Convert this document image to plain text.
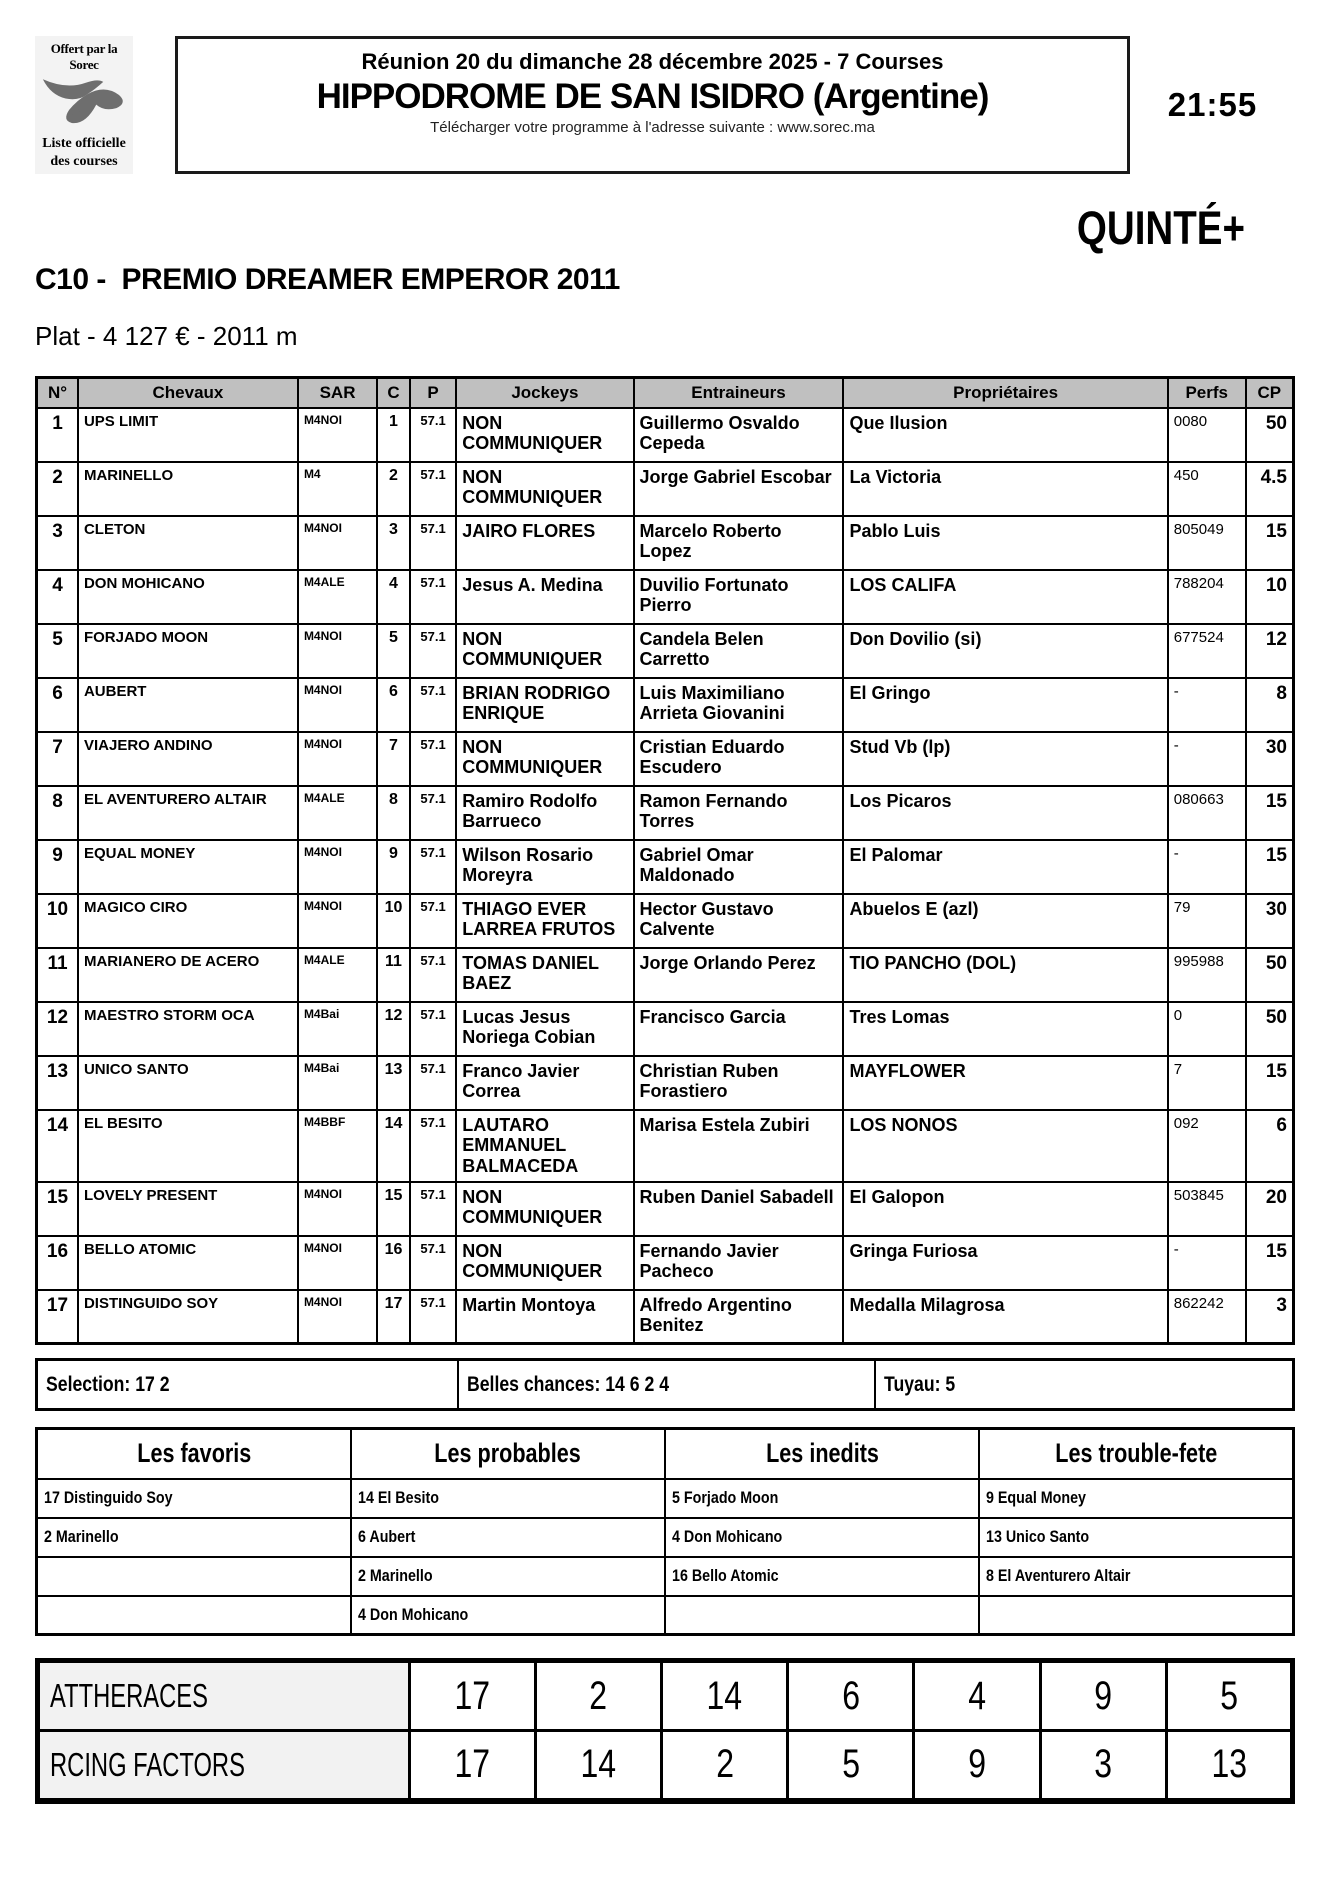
Offert par la Sorec
Liste officielle
des courses
Réunion 20 du dimanche 28 décembre 2025 - 7 Courses
HIPPODROME DE SAN ISIDRO (Argentine)
Télécharger votre programme à l'adresse suivante : www.sorec.ma
21:55
QUINTÉ+
C10 -  PREMIO DREAMER EMPEROR 2011
Plat - 4 127 € - 2011 m
N°	Chevaux	SAR	C	P	Jockeys	Entraineurs	Propriétaires	Perfs	CP
1	UPS LIMIT	M4NOI	1	57.1	NON COMMUNIQUER	Guillermo Osvaldo Cepeda	Que Ilusion	0080	50
2	MARINELLO	M4	2	57.1	NON COMMUNIQUER	Jorge Gabriel Escobar	La Victoria	450	4.5
3	CLETON	M4NOI	3	57.1	JAIRO FLORES	Marcelo Roberto Lopez	Pablo Luis	805049	15
4	DON MOHICANO	M4ALE	4	57.1	Jesus A. Medina	Duvilio Fortunato Pierro	LOS CALIFA	788204	10
5	FORJADO MOON	M4NOI	5	57.1	NON COMMUNIQUER	Candela Belen Carretto	Don Dovilio (si)	677524	12
6	AUBERT	M4NOI	6	57.1	BRIAN RODRIGO ENRIQUE	Luis Maximiliano Arrieta Giovanini	El Gringo	-	8
7	VIAJERO ANDINO	M4NOI	7	57.1	NON COMMUNIQUER	Cristian Eduardo Escudero	Stud Vb (lp)	-	30
8	EL AVENTURERO ALTAIR	M4ALE	8	57.1	Ramiro Rodolfo Barrueco	Ramon Fernando Torres	Los Picaros	080663	15
9	EQUAL MONEY	M4NOI	9	57.1	Wilson Rosario Moreyra	Gabriel Omar Maldonado	El Palomar	-	15
10	MAGICO CIRO	M4NOI	10	57.1	THIAGO EVER LARREA FRUTOS	Hector Gustavo Calvente	Abuelos E (azl)	79	30
11	MARIANERO DE ACERO	M4ALE	11	57.1	TOMAS DANIEL BAEZ	Jorge Orlando Perez	TIO PANCHO (DOL)	995988	50
12	MAESTRO STORM OCA	M4Bai	12	57.1	Lucas Jesus Noriega Cobian	Francisco Garcia	Tres Lomas	0	50
13	UNICO SANTO	M4Bai	13	57.1	Franco Javier Correa	Christian Ruben Forastiero	MAYFLOWER	7	15
14	EL BESITO	M4BBF	14	57.1	LAUTARO EMMANUEL BALMACEDA	Marisa Estela Zubiri	LOS NONOS	092	6
15	LOVELY PRESENT	M4NOI	15	57.1	NON COMMUNIQUER	Ruben Daniel Sabadell	El Galopon	503845	20
16	BELLO ATOMIC	M4NOI	16	57.1	NON COMMUNIQUER	Fernando Javier Pacheco	Gringa Furiosa	-	15
17	DISTINGUIDO SOY	M4NOI	17	57.1	Martin Montoya	Alfredo Argentino Benitez	Medalla Milagrosa	862242	3
Selection: 17 2	Belles chances: 14 6 2 4	Tuyau: 5
Les favoris	Les probables	Les inedits	Les trouble-fete
17 Distinguido Soy	14 El Besito	5 Forjado Moon	9 Equal Money
2 Marinello	6 Aubert	4 Don Mohicano	13 Unico Santo
	2 Marinello	16 Bello Atomic	8 El Aventurero Altair
	4 Don Mohicano		
ATTHERACES	17	2	14	6	4	9	5
RCING FACTORS	17	14	2	5	9	3	13
